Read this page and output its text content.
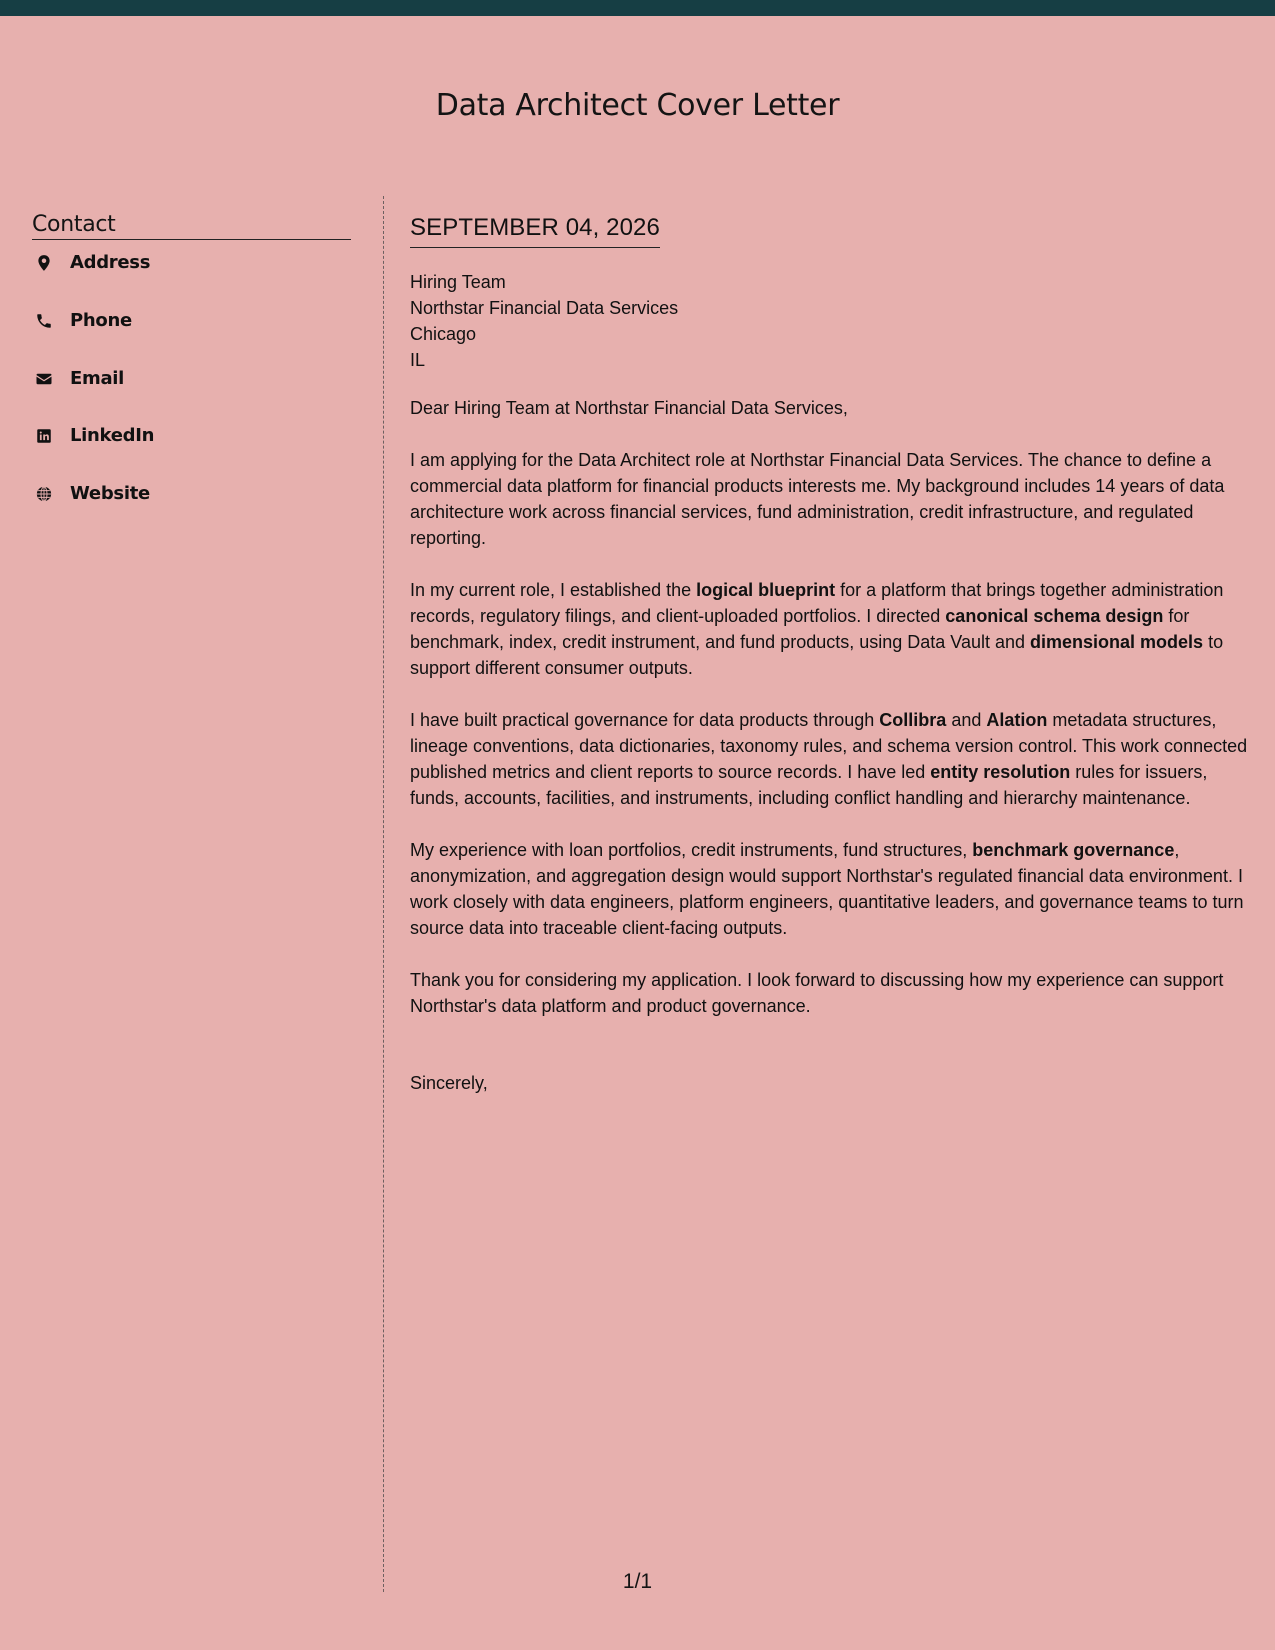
Data Architect Cover Letter
Contact
Address
Phone
Email
LinkedIn
Website
SEPTEMBER 04, 2026
Hiring Team
Northstar Financial Data Services
Chicago
IL

Dear Hiring Team at Northstar Financial Data Services,

I am applying for the Data Architect role at Northstar Financial Data Services. The chance to define a commercial data platform for financial products interests me. My background includes 14 years of data architecture work across financial services, fund administration, credit infrastructure, and regulated reporting.

In my current role, I established the logical blueprint for a platform that brings together administration records, regulatory filings, and client-uploaded portfolios. I directed canonical schema design for benchmark, index, credit instrument, and fund products, using Data Vault and dimensional models to support different consumer outputs.

I have built practical governance for data products through Collibra and Alation metadata structures, lineage conventions, data dictionaries, taxonomy rules, and schema version control. This work connected published metrics and client reports to source records. I have led entity resolution rules for issuers, funds, accounts, facilities, and instruments, including conflict handling and hierarchy maintenance.

My experience with loan portfolios, credit instruments, fund structures, benchmark governance, anonymization, and aggregation design would support Northstar's regulated financial data environment. I work closely with data engineers, platform engineers, quantitative leaders, and governance teams to turn source data into traceable client-facing outputs.

Thank you for considering my application. I look forward to discussing how my experience can support Northstar's data platform and product governance.

Sincerely,

1/1
